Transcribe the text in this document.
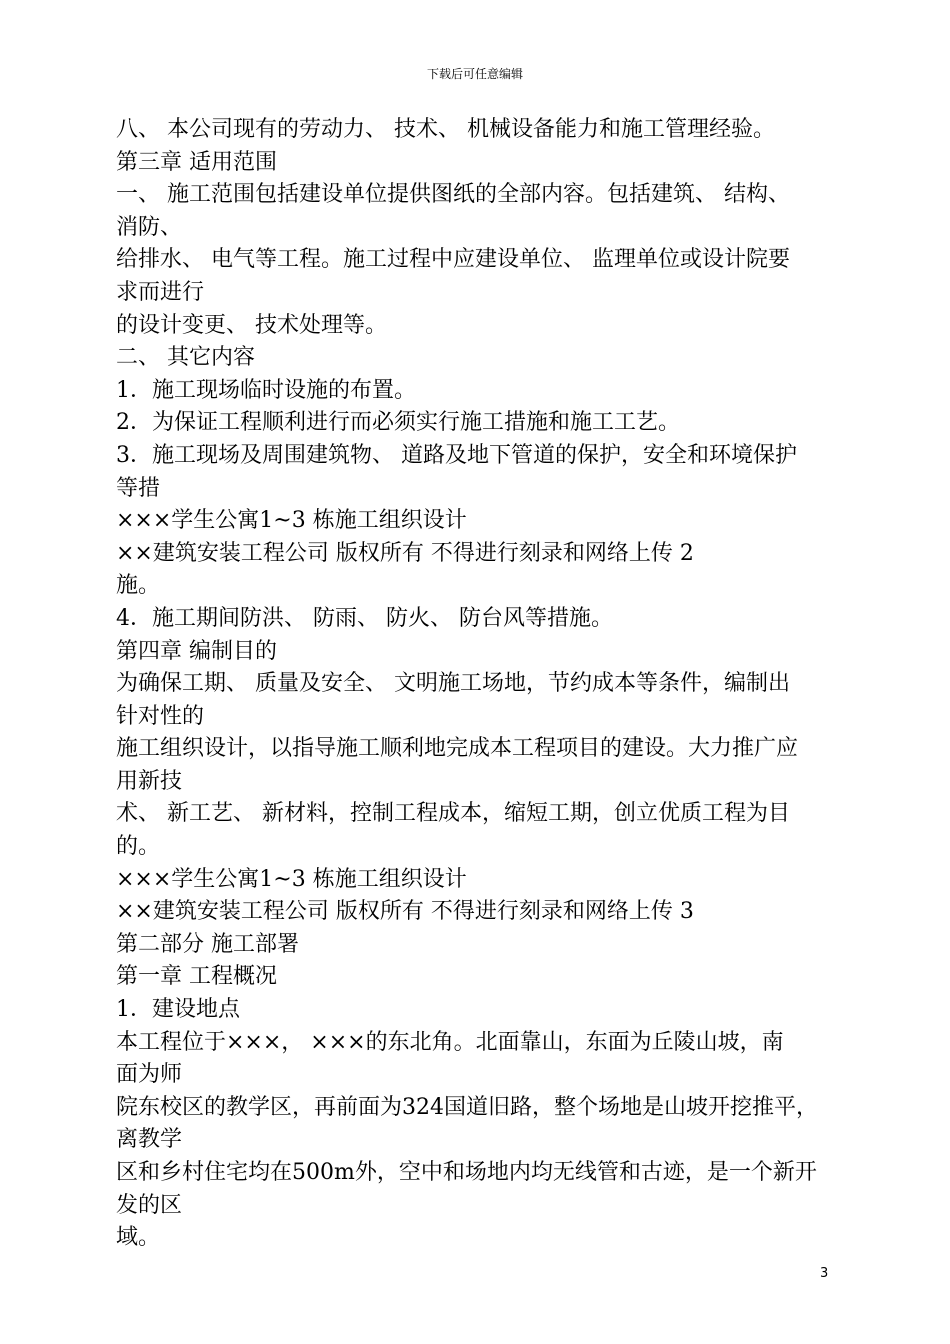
下载后可任意编辑
八、 本公司现有的劳动力、 技术、 机械设备能力和施工管理经验。
第三章 适用范围
一、 施工范围包括建设单位提供图纸的全部内容。包括建筑、 结构、
消防、
给排水、 电气等工程。施工过程中应建设单位、 监理单位或设计院要
求而进行
的设计变更、 技术处理等。
二、 其它内容
1．施工现场临时设施的布置。
2．为保证工程顺利进行而必须实行施工措施和施工工艺。
3．施工现场及周围建筑物、 道路及地下管道的保护，安全和环境保护
等措
×××学生公寓1~3 栋施工组织设计
××建筑安装工程公司 版权所有 不得进行刻录和网络上传 2
施。
4．施工期间防洪、 防雨、 防火、 防台风等措施。
第四章 编制目的
为确保工期、 质量及安全、 文明施工场地，节约成本等条件，编制出
针对性的
施工组织设计，以指导施工顺利地完成本工程项目的建设。大力推广应
用新技
术、 新工艺、 新材料，控制工程成本，缩短工期，创立优质工程为目
的。
×××学生公寓1~3 栋施工组织设计
××建筑安装工程公司 版权所有 不得进行刻录和网络上传 3
第二部分 施工部署
第一章 工程概况
1．建设地点
本工程位于×××， ×××的东北角。北面靠山，东面为丘陵山坡，南
面为师
院东校区的教学区，再前面为324国道旧路，整个场地是山坡开挖推平，
离教学
区和乡村住宅均在500m外，空中和场地内均无线管和古迹，是一个新开
发的区
域。
3
